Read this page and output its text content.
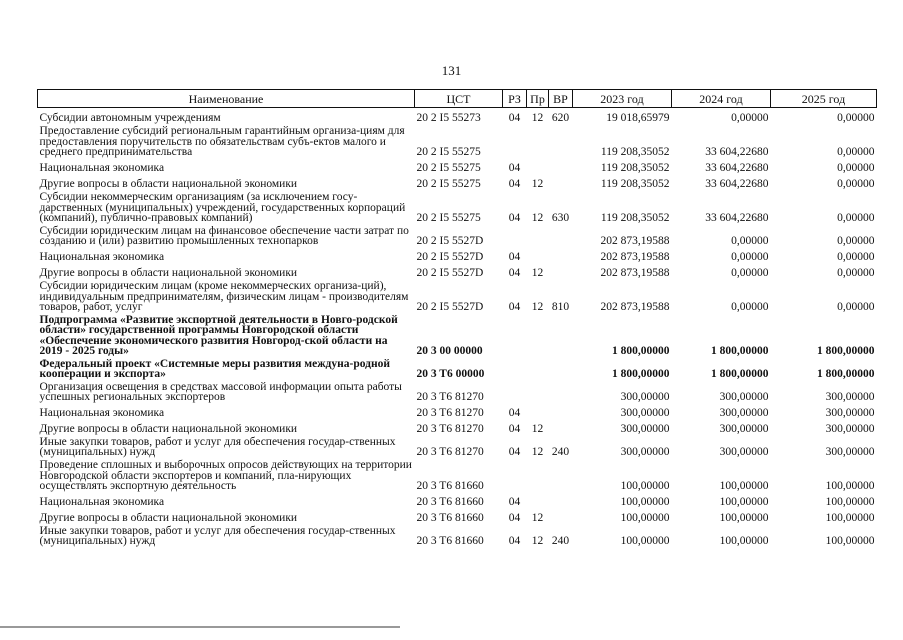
131
Наименование	ЦСТ	РЗ	Пр	ВР	2023 год	2024 год	2025 год
Субсидии автономным учреждениям	20 2 I5 55273	04	12	620	19 018,65979	0,00000	0,00000
Предоставление субсидий региональным гарантийным организа-циям для предоставления поручительств по обязательствам субъ-ектов малого и среднего предпринимательства	20 2 I5 55275				119 208,35052	33 604,22680	0,00000
Национальная экономика	20 2 I5 55275	04			119 208,35052	33 604,22680	0,00000
Другие вопросы в области национальной экономики	20 2 I5 55275	04	12		119 208,35052	33 604,22680	0,00000
Субсидии некоммерческим организациям (за исключением госу-дарственных (муниципальных) учреждений, государственных корпораций (компаний), публично-правовых компаний)	20 2 I5 55275	04	12	630	119 208,35052	33 604,22680	0,00000
Субсидии юридическим лицам на финансовое обеспечение части затрат по созданию и (или) развитию промышленных технопарков	20 2 I5 5527D				202 873,19588	0,00000	0,00000
Национальная экономика	20 2 I5 5527D	04			202 873,19588	0,00000	0,00000
Другие вопросы в области национальной экономики	20 2 I5 5527D	04	12		202 873,19588	0,00000	0,00000
Субсидии юридическим лицам (кроме некоммерческих организа-ций), индивидуальным предпринимателям, физическим лицам - производителям товаров, работ, услуг	20 2 I5 5527D	04	12	810	202 873,19588	0,00000	0,00000
Подпрограмма «Развитие экспортной деятельности в Новго-родской области» государственной программы Новгородской области «Обеспечение экономического развития Новгород-ской области на 2019 - 2025 годы»	20 3 00 00000				1 800,00000	1 800,00000	1 800,00000
Федеральный проект «Системные меры развития междуна-родной кооперации и экспорта»	20 3 T6 00000				1 800,00000	1 800,00000	1 800,00000
Организация освещения в средствах массовой информации опыта работы успешных региональных экспортеров	20 3 T6 81270				300,00000	300,00000	300,00000
Национальная экономика	20 3 T6 81270	04			300,00000	300,00000	300,00000
Другие вопросы в области национальной экономики	20 3 T6 81270	04	12		300,00000	300,00000	300,00000
Иные закупки товаров, работ и услуг для обеспечения государ-ственных (муниципальных) нужд	20 3 T6 81270	04	12	240	300,00000	300,00000	300,00000
Проведение сплошных и выборочных опросов действующих на территории Новгородской области экспортеров и компаний, пла-нирующих осуществлять экспортную деятельность	20 3 T6 81660				100,00000	100,00000	100,00000
Национальная экономика	20 3 T6 81660	04			100,00000	100,00000	100,00000
Другие вопросы в области национальной экономики	20 3 T6 81660	04	12		100,00000	100,00000	100,00000
Иные закупки товаров, работ и услуг для обеспечения государ-ственных (муниципальных) нужд	20 3 T6 81660	04	12	240	100,00000	100,00000	100,00000
